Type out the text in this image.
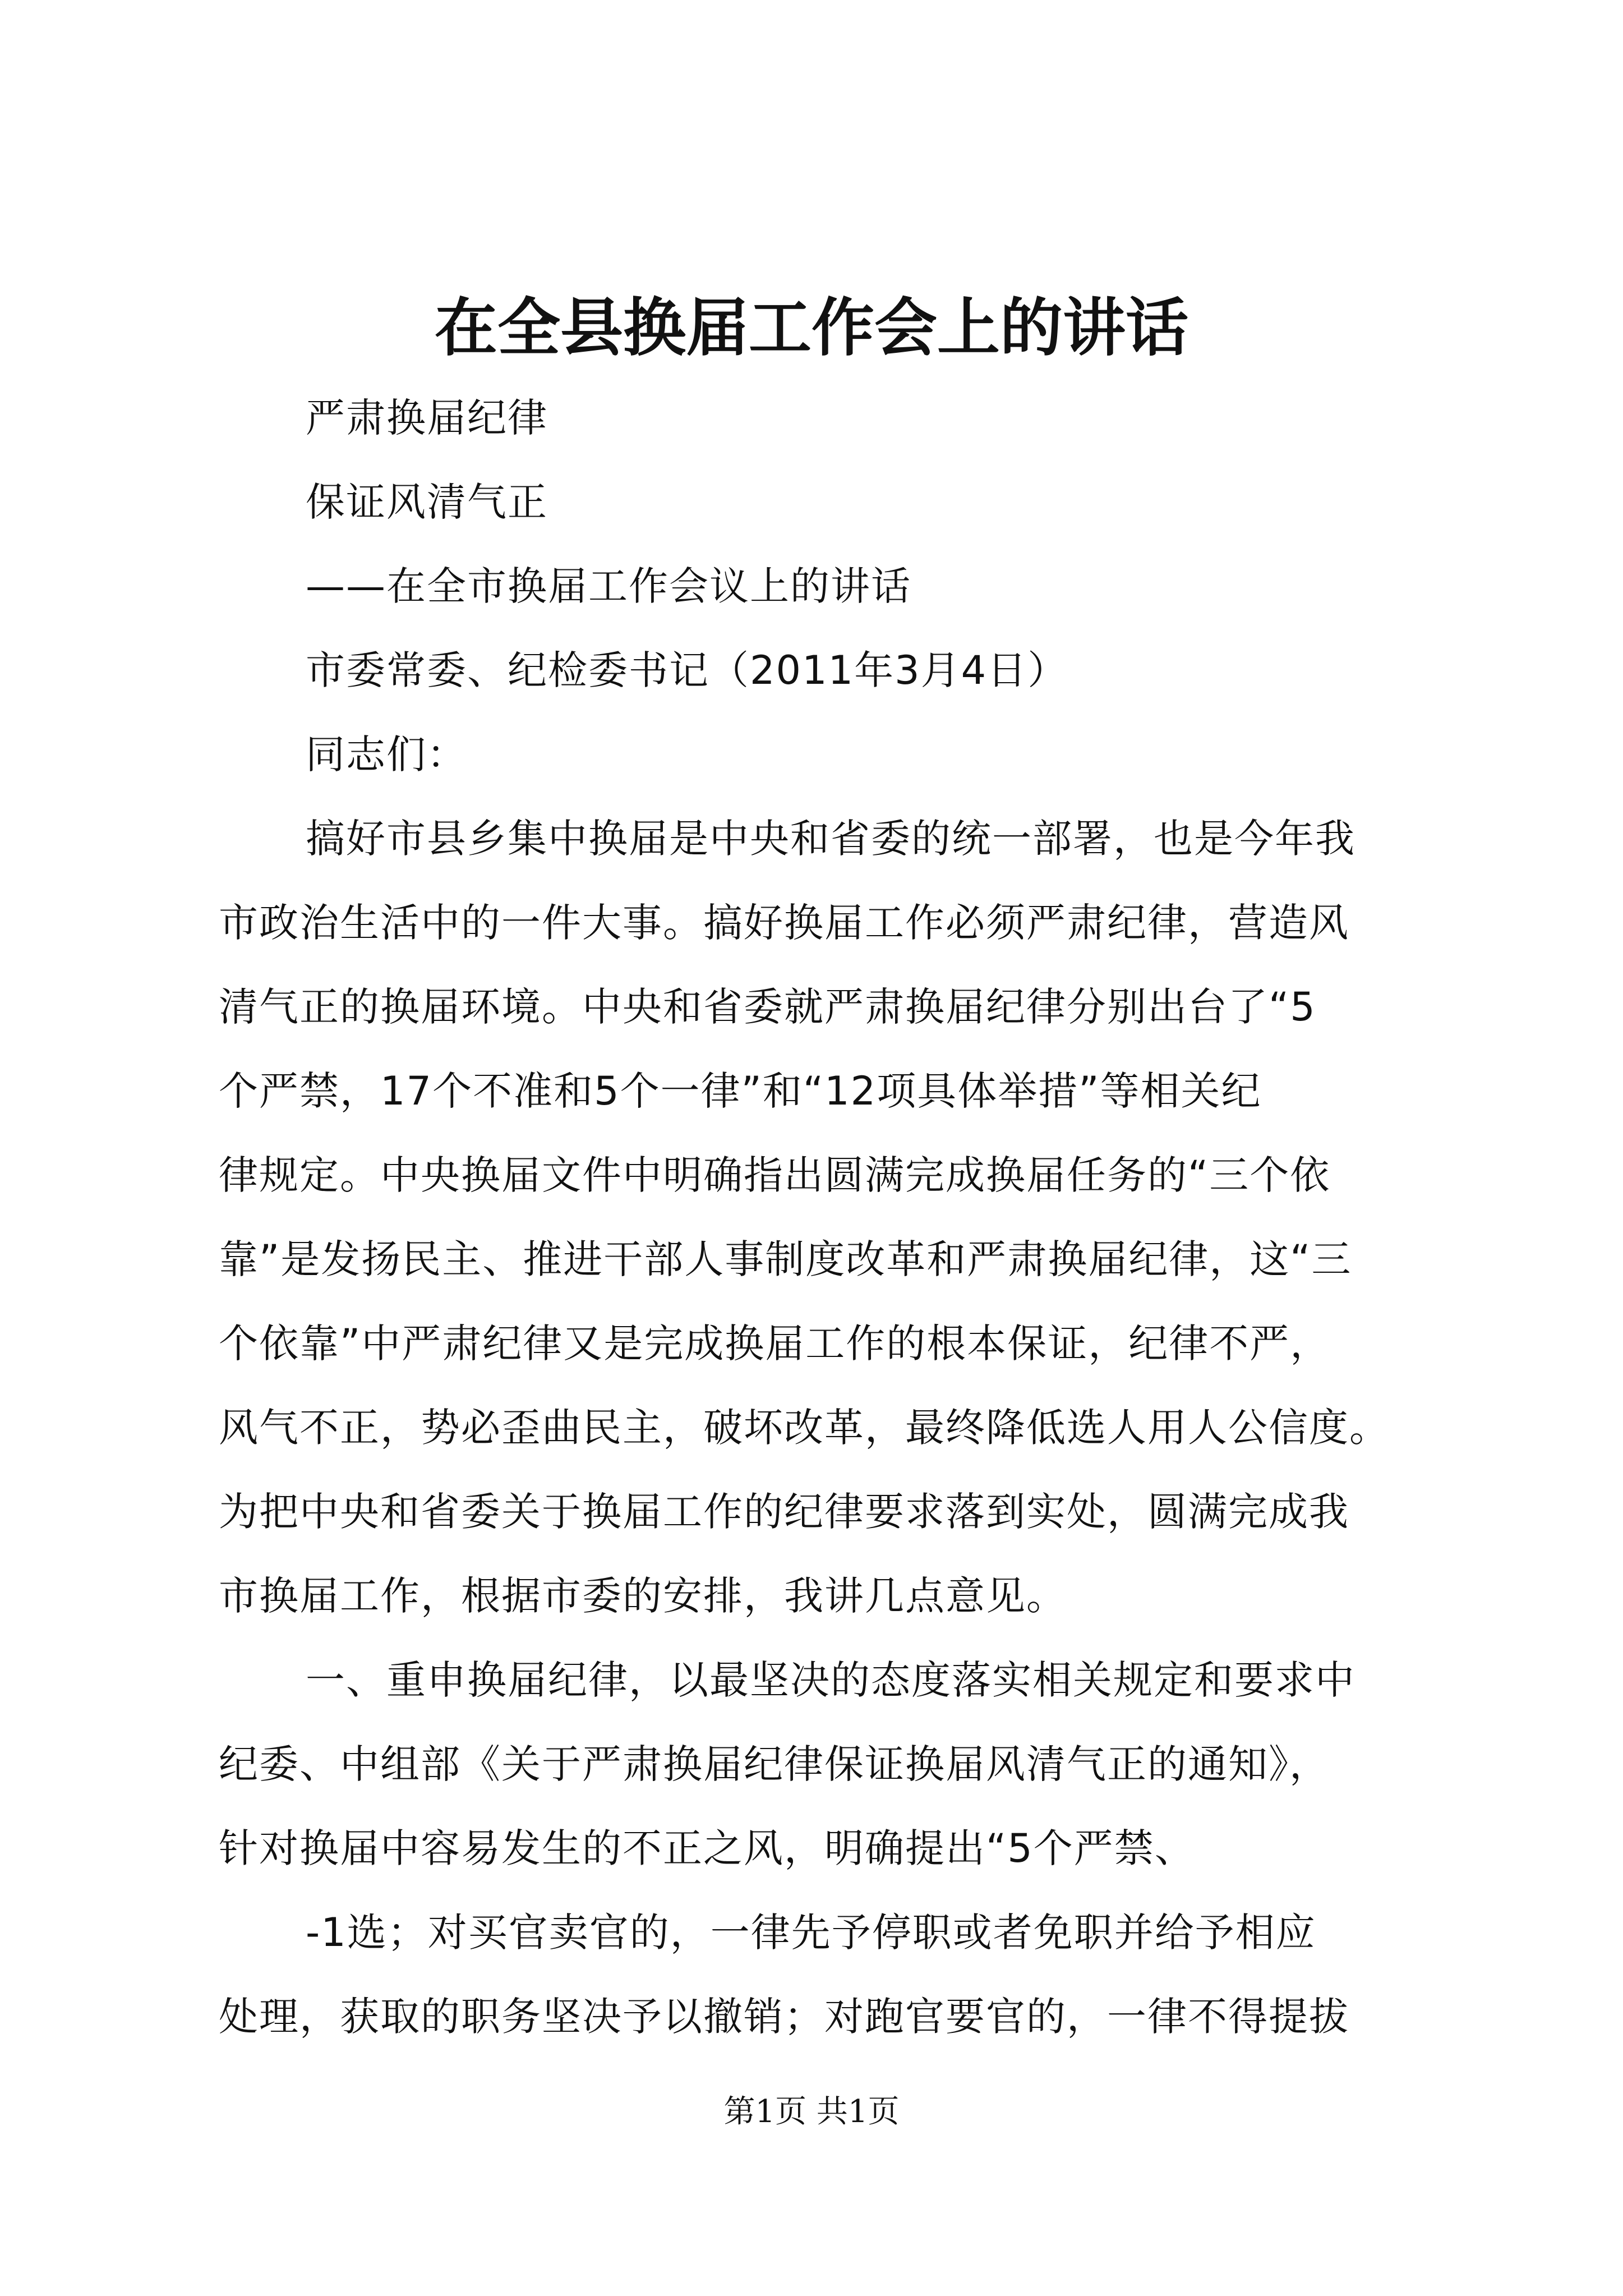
在全县换届工作会上的讲话
严肃换届纪律
保证风清气正
——在全市换届工作会议上的讲话
市委常委、纪检委书记（2011年3月4日）
同志们：
搞好市县乡集中换届是中央和省委的统一部署，也是今年我
市政治生活中的一件大事。搞好换届工作必须严肃纪律，营造风
清气正的换届环境。中央和省委就严肃换届纪律分别出台了“5
个严禁，17个不准和5个一律”和“12项具体举措”等相关纪
律规定。中央换届文件中明确指出圆满完成换届任务的“三个依
靠”是发扬民主、推进干部人事制度改革和严肃换届纪律，这“三
个依靠”中严肃纪律又是完成换届工作的根本保证，纪律不严，
风气不正，势必歪曲民主，破坏改革，最终降低选人用人公信度。
为把中央和省委关于换届工作的纪律要求落到实处，圆满完成我
市换届工作，根据市委的安排，我讲几点意见。
一、重申换届纪律，以最坚决的态度落实相关规定和要求中
纪委、中组部《关于严肃换届纪律保证换届风清气正的通知》，
针对换届中容易发生的不正之风，明确提出“5个严禁、
-1选；对买官卖官的，一律先予停职或者免职并给予相应
处理，获取的职务坚决予以撤销；对跑官要官的，一律不得提拔
第1页 共1页
